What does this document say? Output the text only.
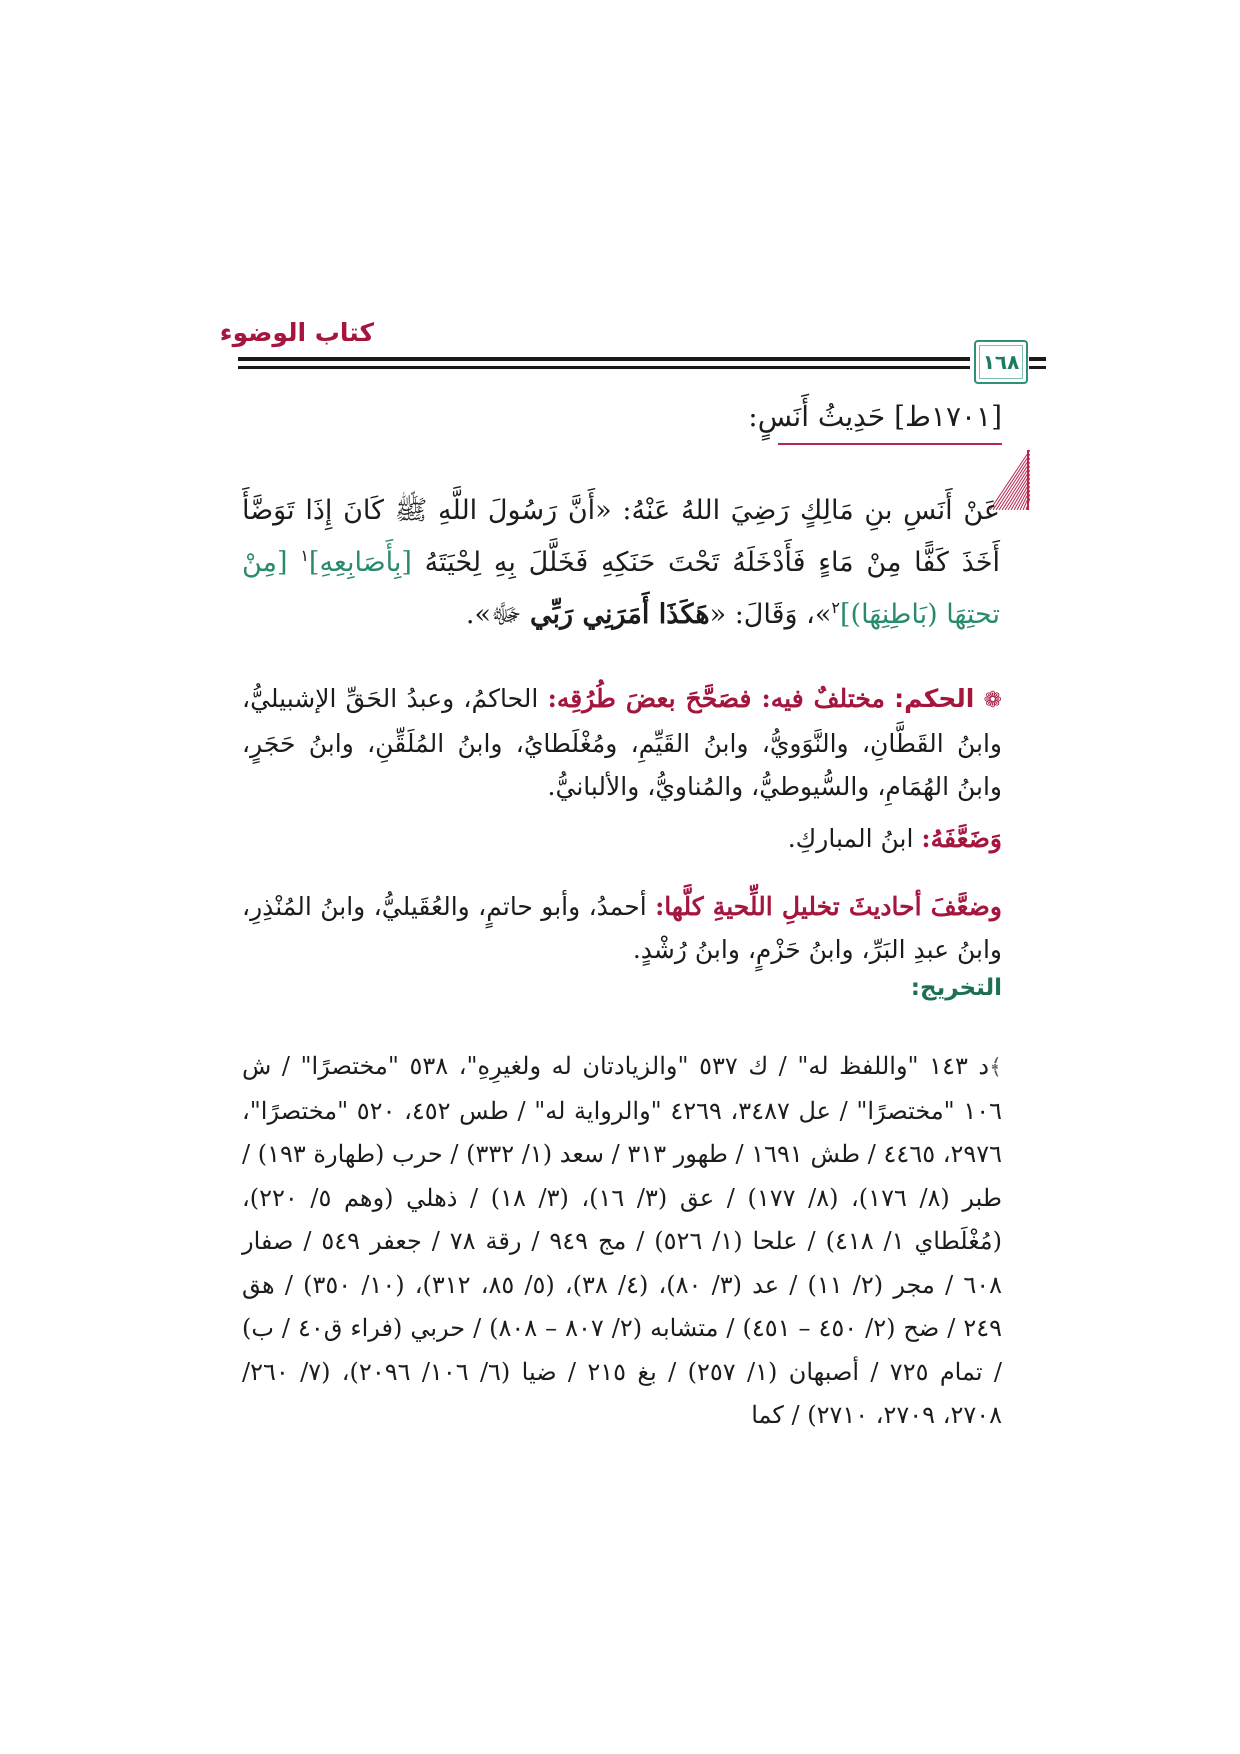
كتاب الوضوء
١٦٨
[١٧٠١ط] حَدِيثُ أَنَسٍ:
عَنْ أَنَسِ بنِ مَالِكٍ رَضِيَ اللهُ عَنْهُ: «أَنَّ رَسُولَ اللَّهِ ﷺ كَانَ إِذَا تَوَضَّأَ أَخَذَ كَفًّا مِنْ مَاءٍ فَأَدْخَلَهُ تَحْتَ حَنَكِهِ فَخَلَّلَ بِهِ لِحْيَتَهُ [بِأَصَابِعِهِ]$^١$ [مِنْ تحتِهَا (بَاطِنِهَا)]$^٢$»، وَقَالَ: «هَكَذَا أَمَرَنِي رَبِّي ﷻ».

❁ الحكم: مختلفٌ فيه: فصَحَّحَ بعضَ طُرُقِه: الحاكمُ، وعبدُ الحَقِّ الإشبيليُّ، وابنُ القَطَّانِ، والنَّوَويُّ، وابنُ القَيِّمِ، ومُغْلَطايُ، وابنُ المُلَقِّنِ، وابنُ حَجَرٍ، وابنُ الهُمَامِ، والسُّيوطيُّ، والمُناويُّ، والألبانيُّ.

وَضَعَّفَهُ: ابنُ المباركِ.

وضعَّفَ أحاديثَ تخليلِ اللِّحيةِ كلَّها: أحمدُ، وأبو حاتمٍ، والعُقَيليُّ، وابنُ المُنْذِرِ، وابنُ عبدِ البَرِّ، وابنُ حَزْمٍ، وابنُ رُشْدٍ.

التخريج:

﴾د ١٤٣ "واللفظ له" / ك ٥٣٧ "والزيادتان له ولغيرِهِ"، ٥٣٨ "مختصرًا" / ش ١٠٦ "مختصرًا" / عل ٣٤٨٧، ٤٢٦٩ "والرواية له" / طس ٤٥٢، ٥٢٠ "مختصرًا"، ٢٩٧٦، ٤٤٦٥ / طش ١٦٩١ / طهور ٣١٣ / سعد (١/ ٣٣٢) / حرب (طهارة ١٩٣) / طبر (٨/ ١٧٦)، (٨/ ١٧٧) / عق (٣/ ١٦)، (٣/ ١٨) / ذهلي (وهم ٥/ ٢٢٠)، (مُغْلَطاي ١/ ٤١٨) / علحا (١/ ٥٢٦) / مج ٩٤٩ / رقة ٧٨ / جعفر ٥٤٩ / صفار ٦٠٨ / مجر (٢/ ١١) / عد (٣/ ٨٠)، (٤/ ٣٨)، (٥/ ٨٥، ٣١٢)، (١٠/ ٣٥٠) / هق ٢٤٩ / ضح (٢/ ٤٥٠ – ٤٥١) / متشابه (٢/ ٨٠٧ – ٨٠٨) / حربي (فراء ق٤٠ / ب) / تمام ٧٢٥ / أصبهان (١/ ٢٥٧) / بغ ٢١٥ / ضيا (٦/ ١٠٦/ ٢٠٩٦)، (٧/ ٢٦٠/ ٢٧٠٨، ٢٧٠٩، ٢٧١٠) / كما
